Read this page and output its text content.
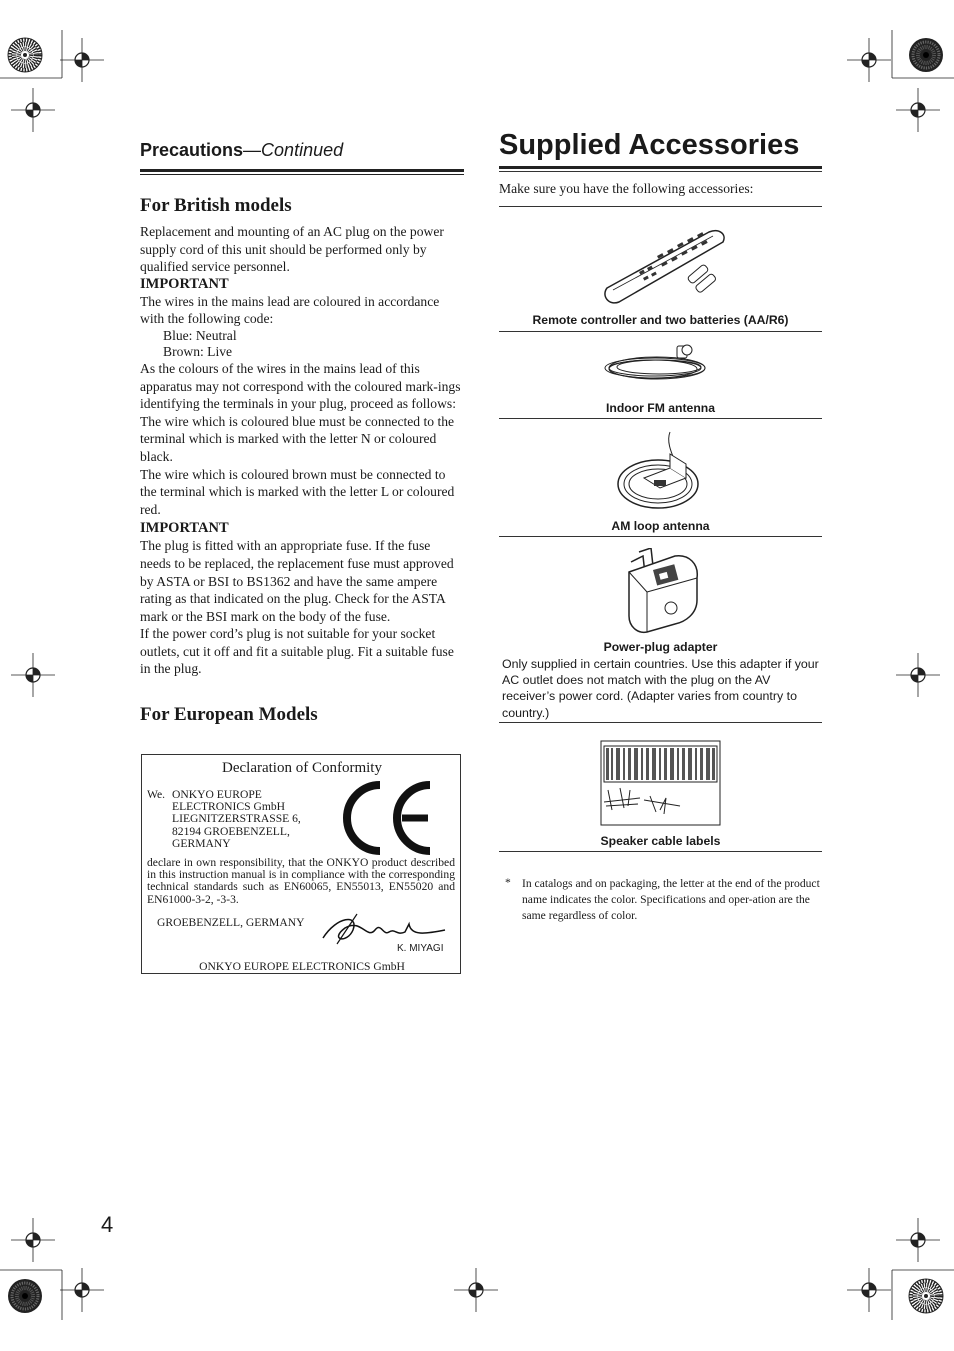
Precautions—Continued
For British models

Replacement and mounting of an AC plug on the power supply cord of this unit should be performed only by qualified service personnel.

IMPORTANT

The wires in the mains lead are coloured in accordance with the following code:

Blue: Neutral
Brown: Live

As the colours of the wires in the mains lead of this apparatus may not correspond with the coloured mark-ings identifying the terminals in your plug, proceed as follows:

The wire which is coloured blue must be connected to the terminal which is marked with the letter N or coloured black.

The wire which is coloured brown must be connected to the terminal which is marked with the letter L or coloured red.

IMPORTANT

The plug is fitted with an appropriate fuse. If the fuse needs to be replaced, the replacement fuse must approved by ASTA or BSI to BS1362 and have the same ampere rating as that indicated on the plug. Check for the ASTA mark or the BSI mark on the body of the fuse.

If the power cord’s plug is not suitable for your socket outlets, cut it off and fit a suitable plug. Fit a suitable fuse in the plug.

For European Models
Declaration of Conformity
We. ONKYO EUROPE
ELECTRONICS GmbH
LIEGNITZERSTRASSE 6,
82194 GROEBENZELL,
GERMANY
declare in own responsibility, that the ONKYO product described in this instruction manual is in compliance with the corresponding technical standards such as EN60065, EN55013, EN55020 and EN61000-3-2, -3-3.
GROEBENZELL, GERMANY
K. MIYAGI
ONKYO EUROPE ELECTRONICS GmbH
Supplied Accessories
Make sure you have the following accessories:
Remote controller and two batteries (AA/R6)
Indoor FM antenna
AM loop antenna
Power-plug adapter
Only supplied in certain countries. Use this adapter if your AC outlet does not match with the plug on the AV receiver’s power cord. (Adapter varies from country to country.)
Speaker cable labels
* In catalogs and on packaging, the letter at the end of the product name indicates the color. Specifications and oper-ation are the same regardless of color.
4
